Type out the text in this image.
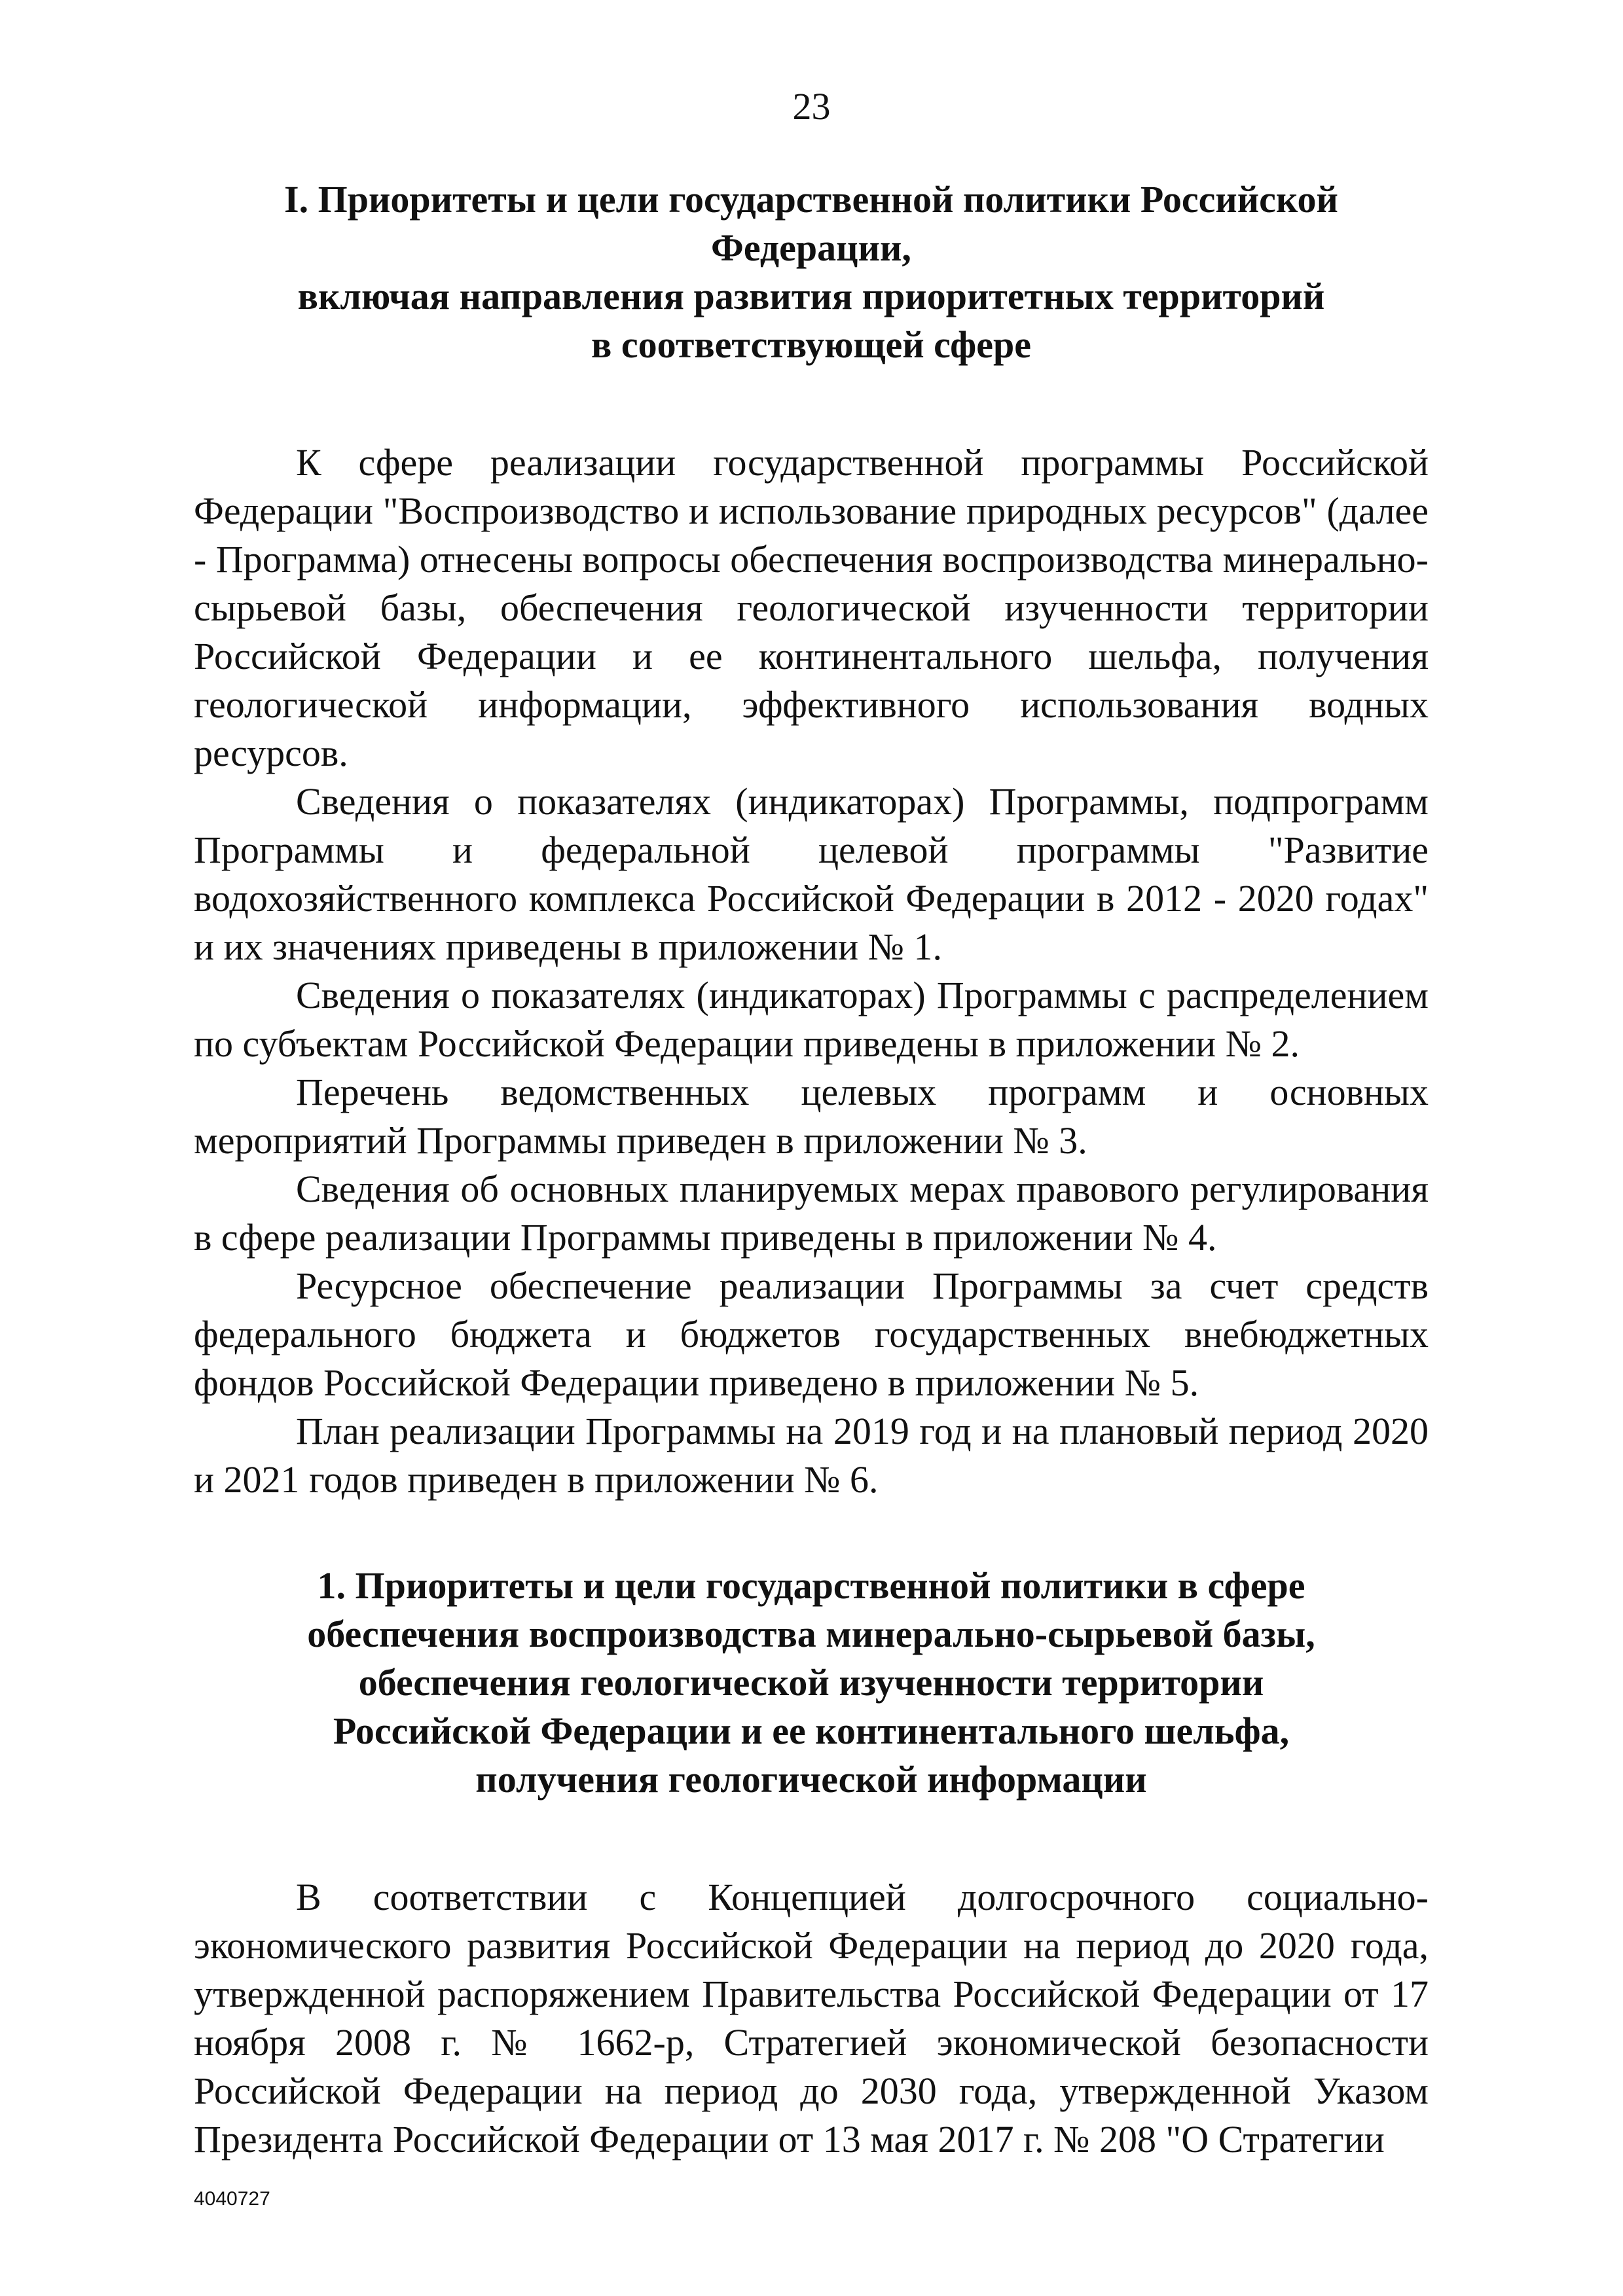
23
I. Приоритеты и цели государственной политики Российской Федерации,
включая направления развития приоритетных территорий
в соответствующей сфере

К сфере реализации государственной программы Российской Федерации "Воспроизводство и использование природных ресурсов" (далее - Программа) отнесены вопросы обеспечения воспроизводства минерально-сырьевой базы, обеспечения геологической изученности территории Российской Федерации и ее континентального шельфа, получения геологической информации, эффективного использования водных ресурсов.

Сведения о показателях (индикаторах) Программы, подпрограмм Программы и федеральной целевой программы "Развитие водохозяйственного комплекса Российской Федерации в 2012 - 2020 годах" и их значениях приведены в приложении № 1.

Сведения о показателях (индикаторах) Программы с распределением по субъектам Российской Федерации приведены в приложении № 2.

Перечень ведомственных целевых программ и основных мероприятий Программы приведен в приложении № 3.

Сведения об основных планируемых мерах правового регулирования в сфере реализации Программы приведены в приложении № 4.

Ресурсное обеспечение реализации Программы за счет средств федерального бюджета и бюджетов государственных внебюджетных фондов Российской Федерации приведено в приложении № 5.

План реализации Программы на 2019 год и на плановый период 2020 и 2021 годов приведен в приложении № 6.

1. Приоритеты и цели государственной политики в сфере
обеспечения воспроизводства минерально-сырьевой базы,
обеспечения геологической изученности территории
Российской Федерации и ее континентального шельфа,
получения геологической информации

В соответствии с Концепцией долгосрочного социально-экономического развития Российской Федерации на период до 2020 года, утвержденной распоряжением Правительства Российской Федерации от 17 ноября 2008 г. № 1662-р, Стратегией экономической безопасности Российской Федерации на период до 2030 года, утвержденной Указом Президента Российской Федерации от 13 мая 2017 г. № 208 "О Стратегии

4040727
